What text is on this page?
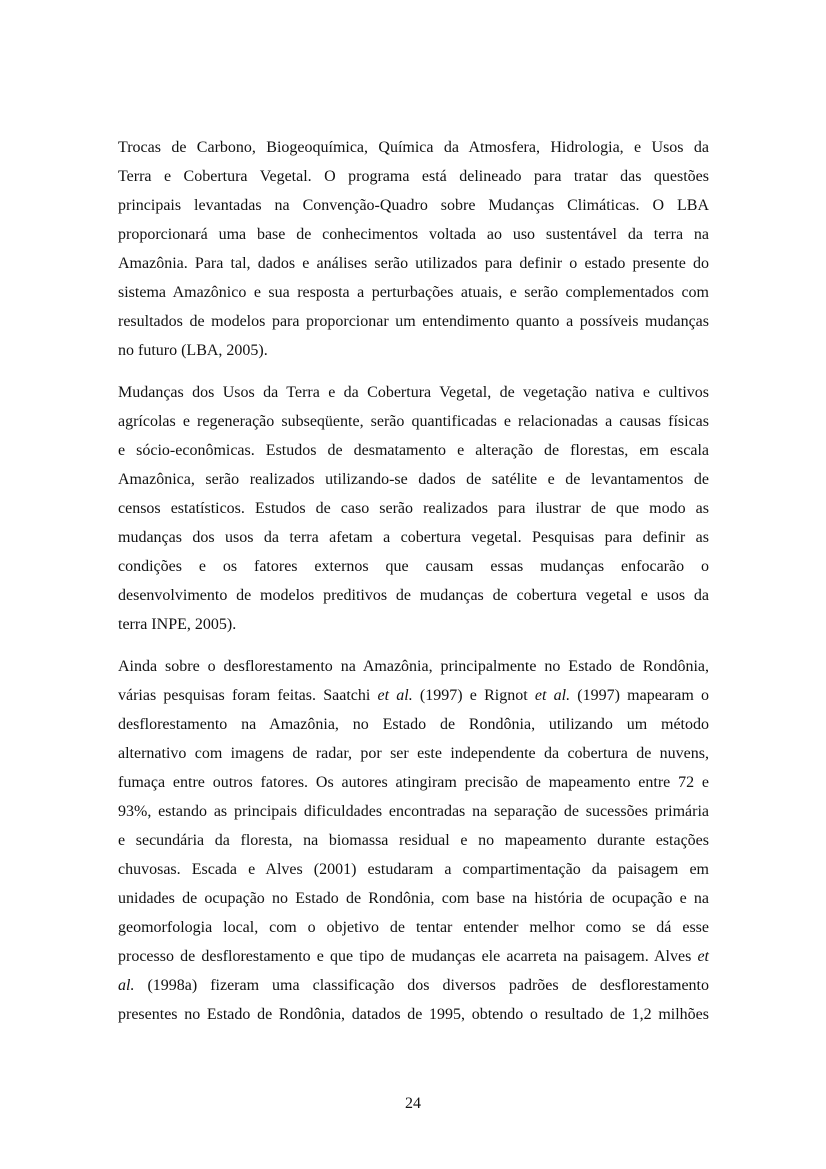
Trocas de Carbono, Biogeoquímica, Química da Atmosfera, Hidrologia, e Usos da
Terra e Cobertura Vegetal. O programa está delineado para tratar das questões
principais levantadas na Convenção-Quadro sobre Mudanças Climáticas. O LBA
proporcionará uma base de conhecimentos voltada ao uso sustentável da terra na
Amazônia. Para tal, dados e análises serão utilizados para definir o estado presente do
sistema Amazônico e sua resposta a perturbações atuais, e serão complementados com
resultados de modelos para proporcionar um entendimento quanto a possíveis mudanças
no futuro (LBA, 2005).
Mudanças dos Usos da Terra e da Cobertura Vegetal, de vegetação nativa e cultivos
agrícolas e regeneração subseqüente, serão quantificadas e relacionadas a causas físicas
e sócio-econômicas. Estudos de desmatamento e alteração de florestas, em escala
Amazônica, serão realizados utilizando-se dados de satélite e de levantamentos de
censos estatísticos. Estudos de caso serão realizados para ilustrar de que modo as
mudanças dos usos da terra afetam a cobertura vegetal. Pesquisas para definir as
condições e os fatores externos que causam essas mudanças enfocarão o
desenvolvimento de modelos preditivos de mudanças de cobertura vegetal e usos da
terra INPE, 2005).
Ainda sobre o desflorestamento na Amazônia, principalmente no Estado de Rondônia,
várias pesquisas foram feitas. Saatchi et al. (1997) e Rignot et al. (1997) mapearam o
desflorestamento na Amazônia, no Estado de Rondônia, utilizando um método
alternativo com imagens de radar, por ser este independente da cobertura de nuvens,
fumaça entre outros fatores. Os autores atingiram precisão de mapeamento entre 72 e
93%, estando as principais dificuldades encontradas na separação de sucessões primária
e secundária da floresta, na biomassa residual e no mapeamento durante estações
chuvosas. Escada e Alves (2001) estudaram a compartimentação da paisagem em
unidades de ocupação no Estado de Rondônia, com base na história de ocupação e na
geomorfologia local, com o objetivo de tentar entender melhor como se dá esse
processo de desflorestamento e que tipo de mudanças ele acarreta na paisagem. Alves et
al. (1998a) fizeram uma classificação dos diversos padrões de desflorestamento
presentes no Estado de Rondônia, datados de 1995, obtendo o resultado de 1,2 milhões
24
